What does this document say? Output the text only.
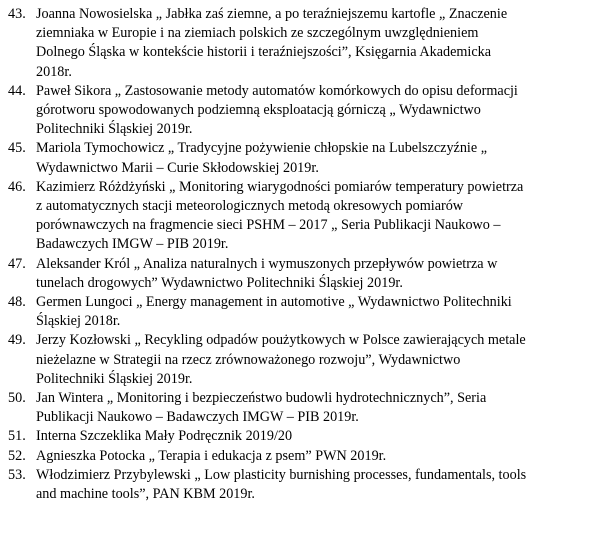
43. Joanna Nowosielska „ Jabłka zaś ziemne, a po teraźniejszemu kartofle „ Znaczenie
ziemniaka w Europie i na ziemiach polskich ze szczególnym uwzględnieniem
Dolnego Śląska w kontekście historii i teraźniejszości”, Księgarnia Akademicka
2018r.
44. Paweł Sikora „ Zastosowanie metody automatów komórkowych do opisu deformacji
górotworu spowodowanych podziemną eksploatacją górniczą „ Wydawnictwo
Politechniki Śląskiej 2019r.
45. Mariola Tymochowicz „ Tradycyjne pożywienie chłopskie na Lubelszczyźnie „
Wydawnictwo Marii – Curie Skłodowskiej 2019r.
46. Kazimierz Różdżyński „ Monitoring wiarygodności pomiarów temperatury powietrza
z automatycznych stacji meteorologicznych metodą okresowych pomiarów
porównawczych na fragmencie sieci PSHM – 2017 „ Seria Publikacji Naukowo –
Badawczych IMGW – PIB 2019r.
47. Aleksander Król „ Analiza naturalnych i wymuszonych przepływów powietrza w
tunelach drogowych” Wydawnictwo Politechniki Śląskiej 2019r.
48. Germen Lungoci „ Energy management in automotive „ Wydawnictwo Politechniki
Śląskiej 2018r.
49. Jerzy Kozłowski „ Recykling odpadów poużytkowych w Polsce zawierających metale
nieżelazne w Strategii na rzecz zrównoważonego rozwoju”, Wydawnictwo
Politechniki Śląskiej 2019r.
50. Jan Wintera „ Monitoring i bezpieczeństwo budowli hydrotechnicznych”, Seria
Publikacji Naukowo – Badawczych IMGW – PIB 2019r.
51. Interna Szczeklika Mały Podręcznik 2019/20
52. Agnieszka Potocka „ Terapia i edukacja z psem” PWN 2019r.
53. Włodzimierz Przybylewski „ Low plasticity burnishing processes, fundamentals, tools
and machine tools”, PAN KBM 2019r.
